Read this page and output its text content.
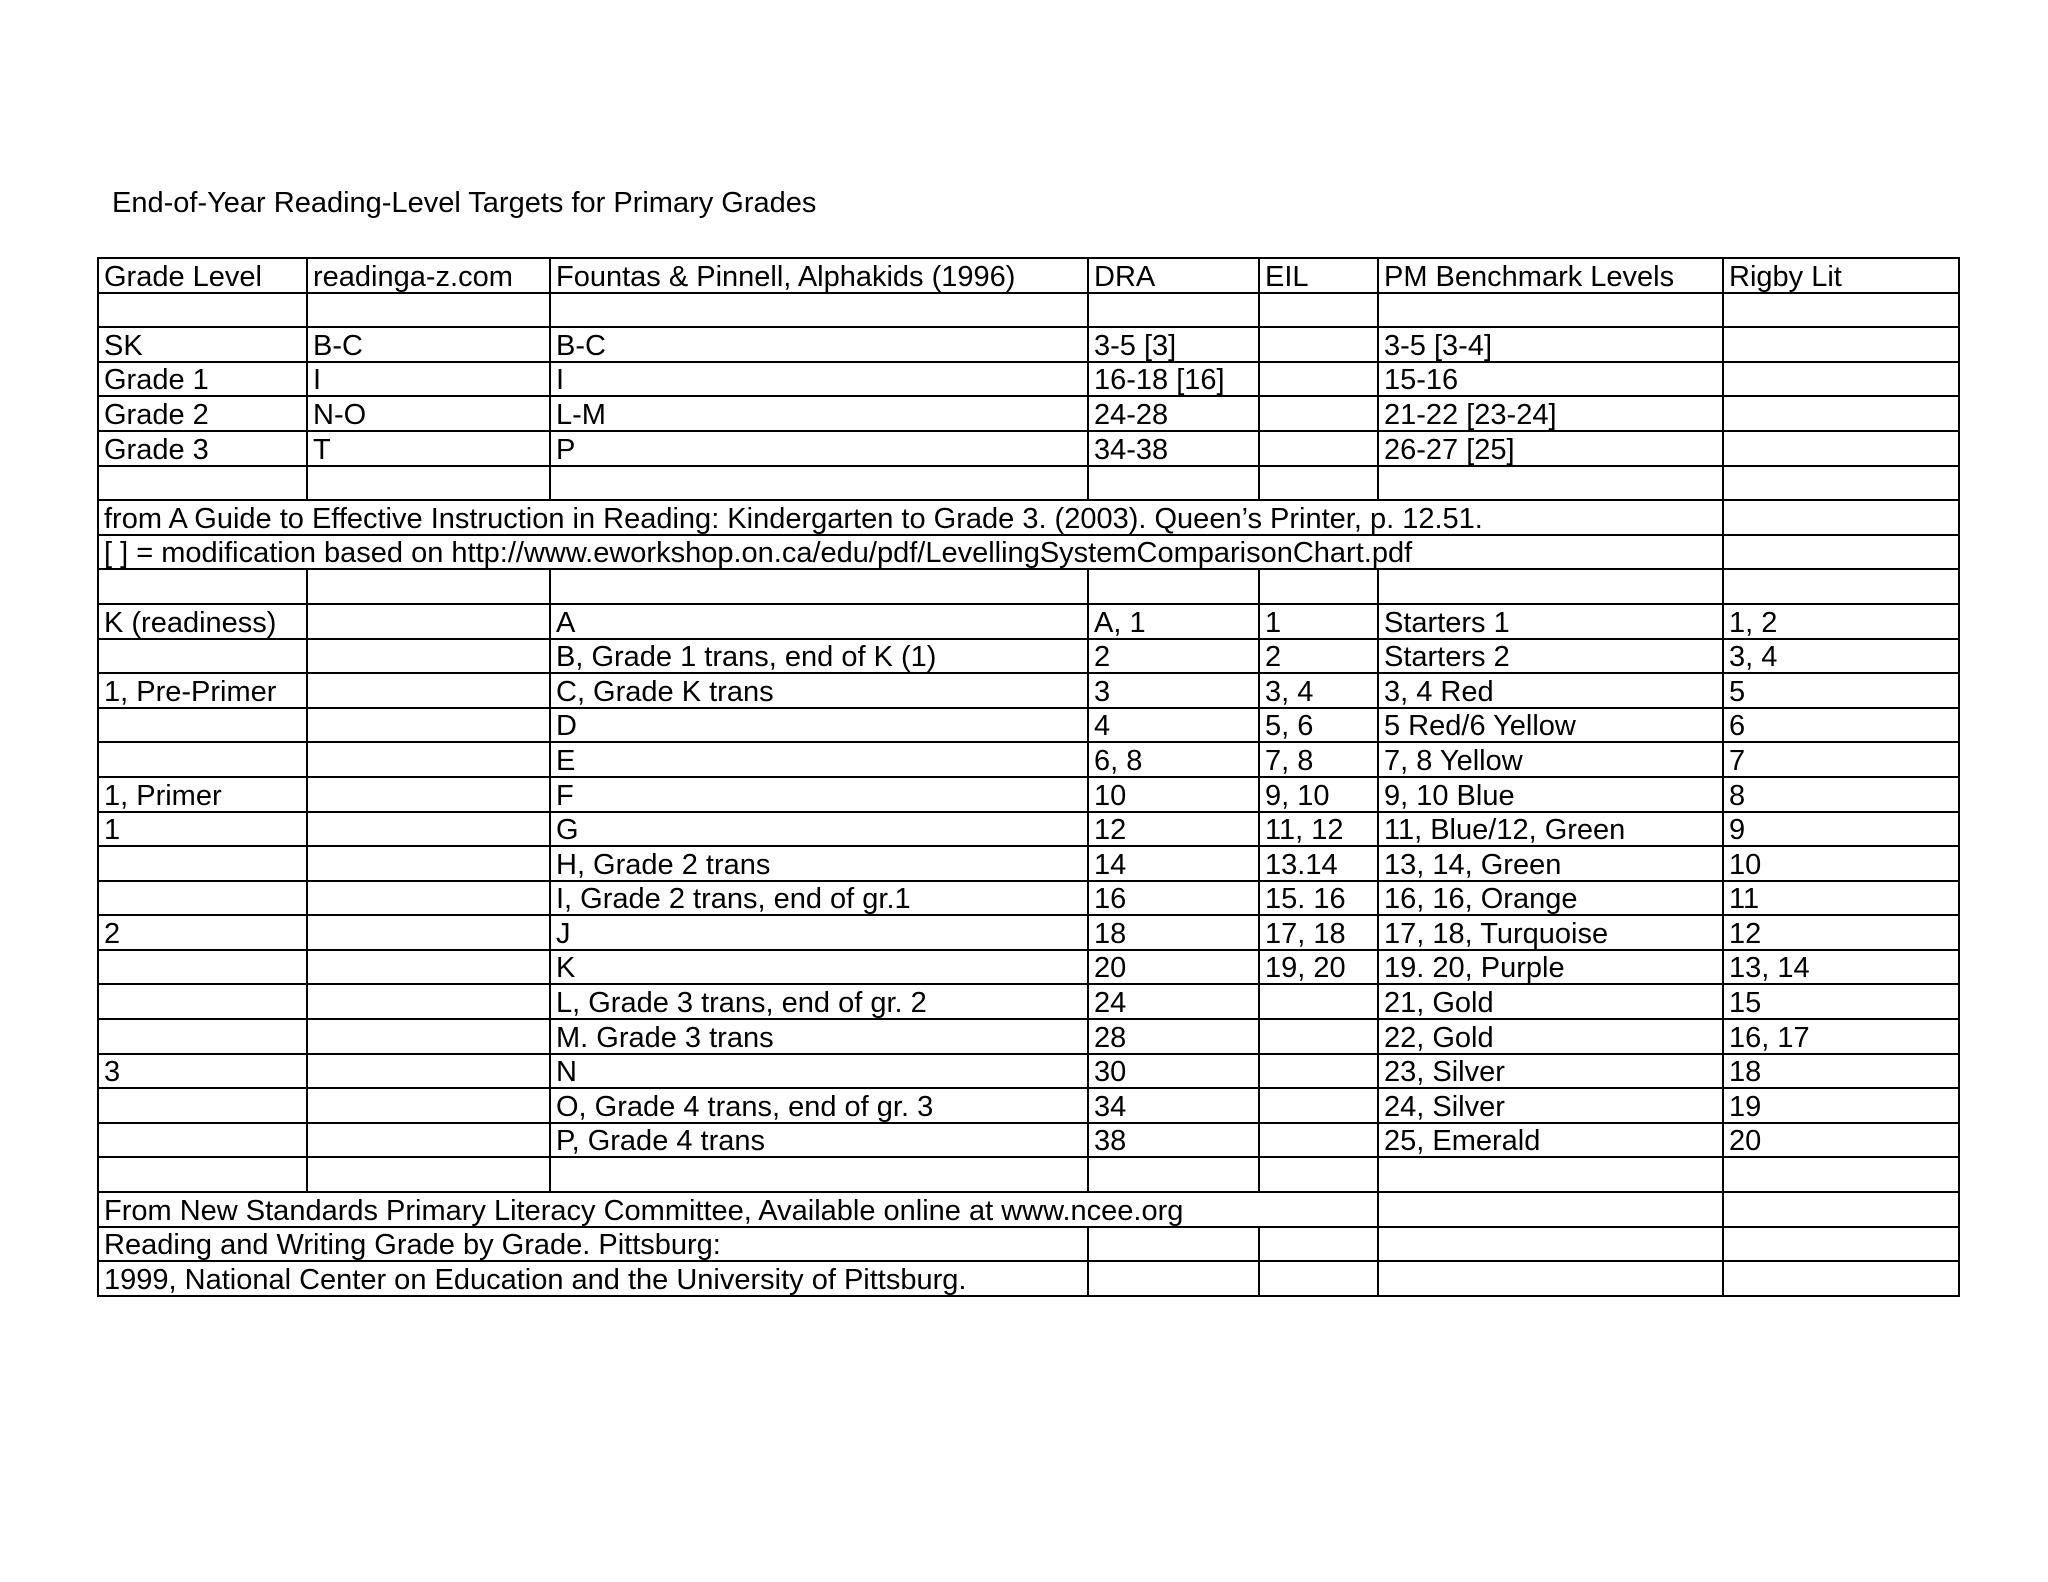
End-of-Year Reading-Level Targets for Primary Grades
Grade Level	readinga-z.com	Fountas & Pinnell, Alphakids (1996)	DRA	EIL	PM Benchmark Levels	Rigby Lit

SK	B-C	B-C	3-5 [3]		3-5 [3-4]	
Grade 1	I	I	16-18 [16]		15-16	
Grade 2	N-O	L-M	24-28		21-22 [23-24]	
Grade 3	T	P	34-38		26-27 [25]	

from A Guide to Effective Instruction in Reading: Kindergarten to Grade 3. (2003). Queen’s Printer, p. 12.51.						
[ ] = modification based on http://www.eworkshop.on.ca/edu/pdf/LevellingSystemComparisonChart.pdf						

K (readiness)		A	A, 1	1	Starters 1	1, 2
		B, Grade 1 trans, end of K (1)	2	2	Starters 2	3, 4
1, Pre-Primer		C, Grade K trans	3	3, 4	3, 4 Red	5
		D	4	5, 6	5 Red/6 Yellow	6
		E	6, 8	7, 8	7, 8 Yellow	7
1, Primer		F	10	9, 10	9, 10 Blue	8
1		G	12	11, 12	11, Blue/12, Green	9
		H, Grade 2 trans	14	13.14	13, 14, Green	10
		I, Grade 2 trans, end of gr.1	16	15. 16	16, 16, Orange	11
2		J	18	17, 18	17, 18, Turquoise	12
		K	20	19, 20	19. 20, Purple	13, 14
		L, Grade 3 trans, end of gr. 2	24		21, Gold	15
		M. Grade 3 trans	28		22, Gold	16, 17
3		N	30		23, Silver	18
		O, Grade 4 trans, end of gr. 3	34		24, Silver	19
		P, Grade 4 trans	38		25, Emerald	20

From New Standards Primary Literacy Committee, Available online at www.ncee.org						
Reading and Writing Grade by Grade. Pittsburg:						
1999, National Center on Education and the University of Pittsburg.						
